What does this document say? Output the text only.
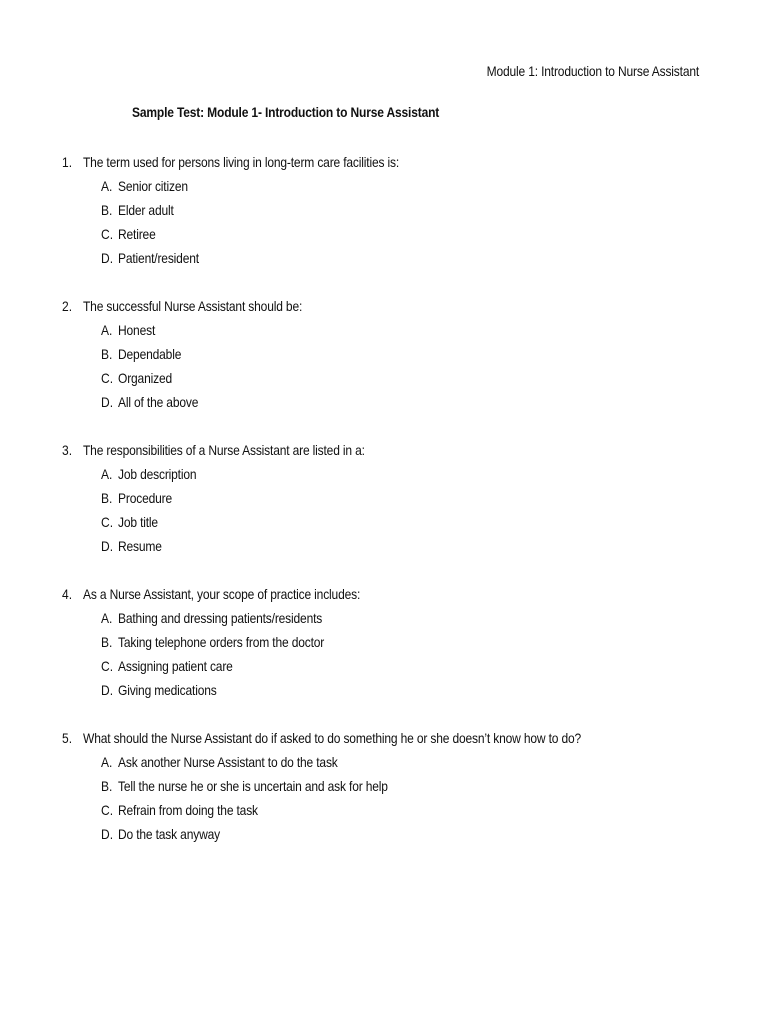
Module 1: Introduction to Nurse Assistant
Sample Test: Module 1- Introduction to Nurse Assistant
1. The term used for persons living in long-term care facilities is:
A. Senior citizen
B. Elder adult
C. Retiree
D. Patient/resident
2. The successful Nurse Assistant should be:
A. Honest
B. Dependable
C. Organized
D. All of the above
3. The responsibilities of a Nurse Assistant are listed in a:
A. Job description
B. Procedure
C. Job title
D. Resume
4. As a Nurse Assistant, your scope of practice includes:
A. Bathing and dressing patients/residents
B. Taking telephone orders from the doctor
C. Assigning patient care
D. Giving medications
5. What should the Nurse Assistant do if asked to do something he or she doesn’t know how to do?
A. Ask another Nurse Assistant to do the task
B. Tell the nurse he or she is uncertain and ask for help
C. Refrain from doing the task
D. Do the task anyway
